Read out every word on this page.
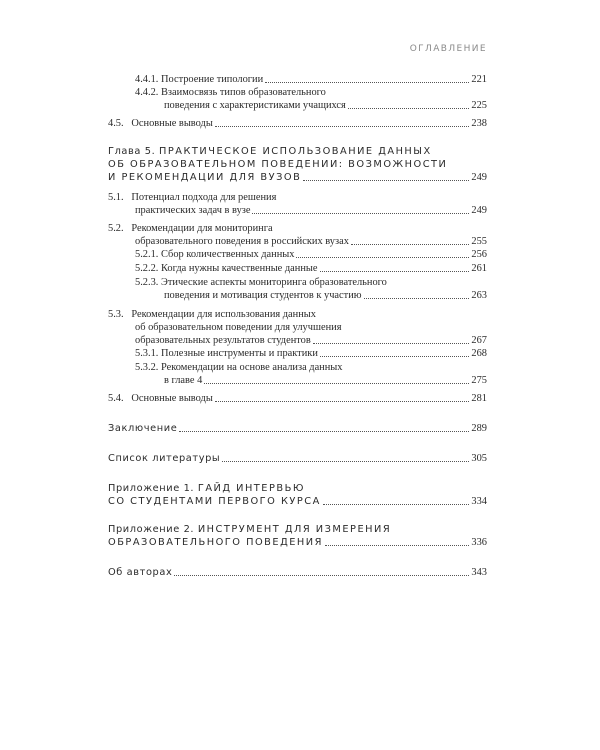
ОГЛАВЛЕНИЕ
4.4.1. Построение типологии	221
4.4.2. Взаимосвязь типов образовательного
поведения с характеристиками учащихся	225
4.5. Основные выводы	238
Глава 5. ПРАКТИЧЕСКОЕ ИСПОЛЬЗОВАНИЕ ДАННЫХ
ОБ ОБРАЗОВАТЕЛЬНОМ ПОВЕДЕНИИ: ВОЗМОЖНОСТИ
И РЕКОМЕНДАЦИИ ДЛЯ ВУЗОВ	249
5.1. Потенциал подхода для решения
практических задач в вузе	249
5.2. Рекомендации для мониторинга
образовательного поведения в российских вузах	255
5.2.1. Сбор количественных данных	256
5.2.2. Когда нужны качественные данные	261
5.2.3. Этические аспекты мониторинга образовательного
поведения и мотивация студентов к участию	263
5.3. Рекомендации для использования данных
об образовательном поведении для улучшения
образовательных результатов студентов	267
5.3.1. Полезные инструменты и практики	268
5.3.2. Рекомендации на основе анализа данных
в главе 4	275
5.4. Основные выводы	281
Заключение	289
Список литературы	305
Приложение 1. ГАЙД ИНТЕРВЬЮ
СО СТУДЕНТАМИ ПЕРВОГО КУРСА	334
Приложение 2. ИНСТРУМЕНТ ДЛЯ ИЗМЕРЕНИЯ
ОБРАЗОВАТЕЛЬНОГО ПОВЕДЕНИЯ	336
Об авторах	343
